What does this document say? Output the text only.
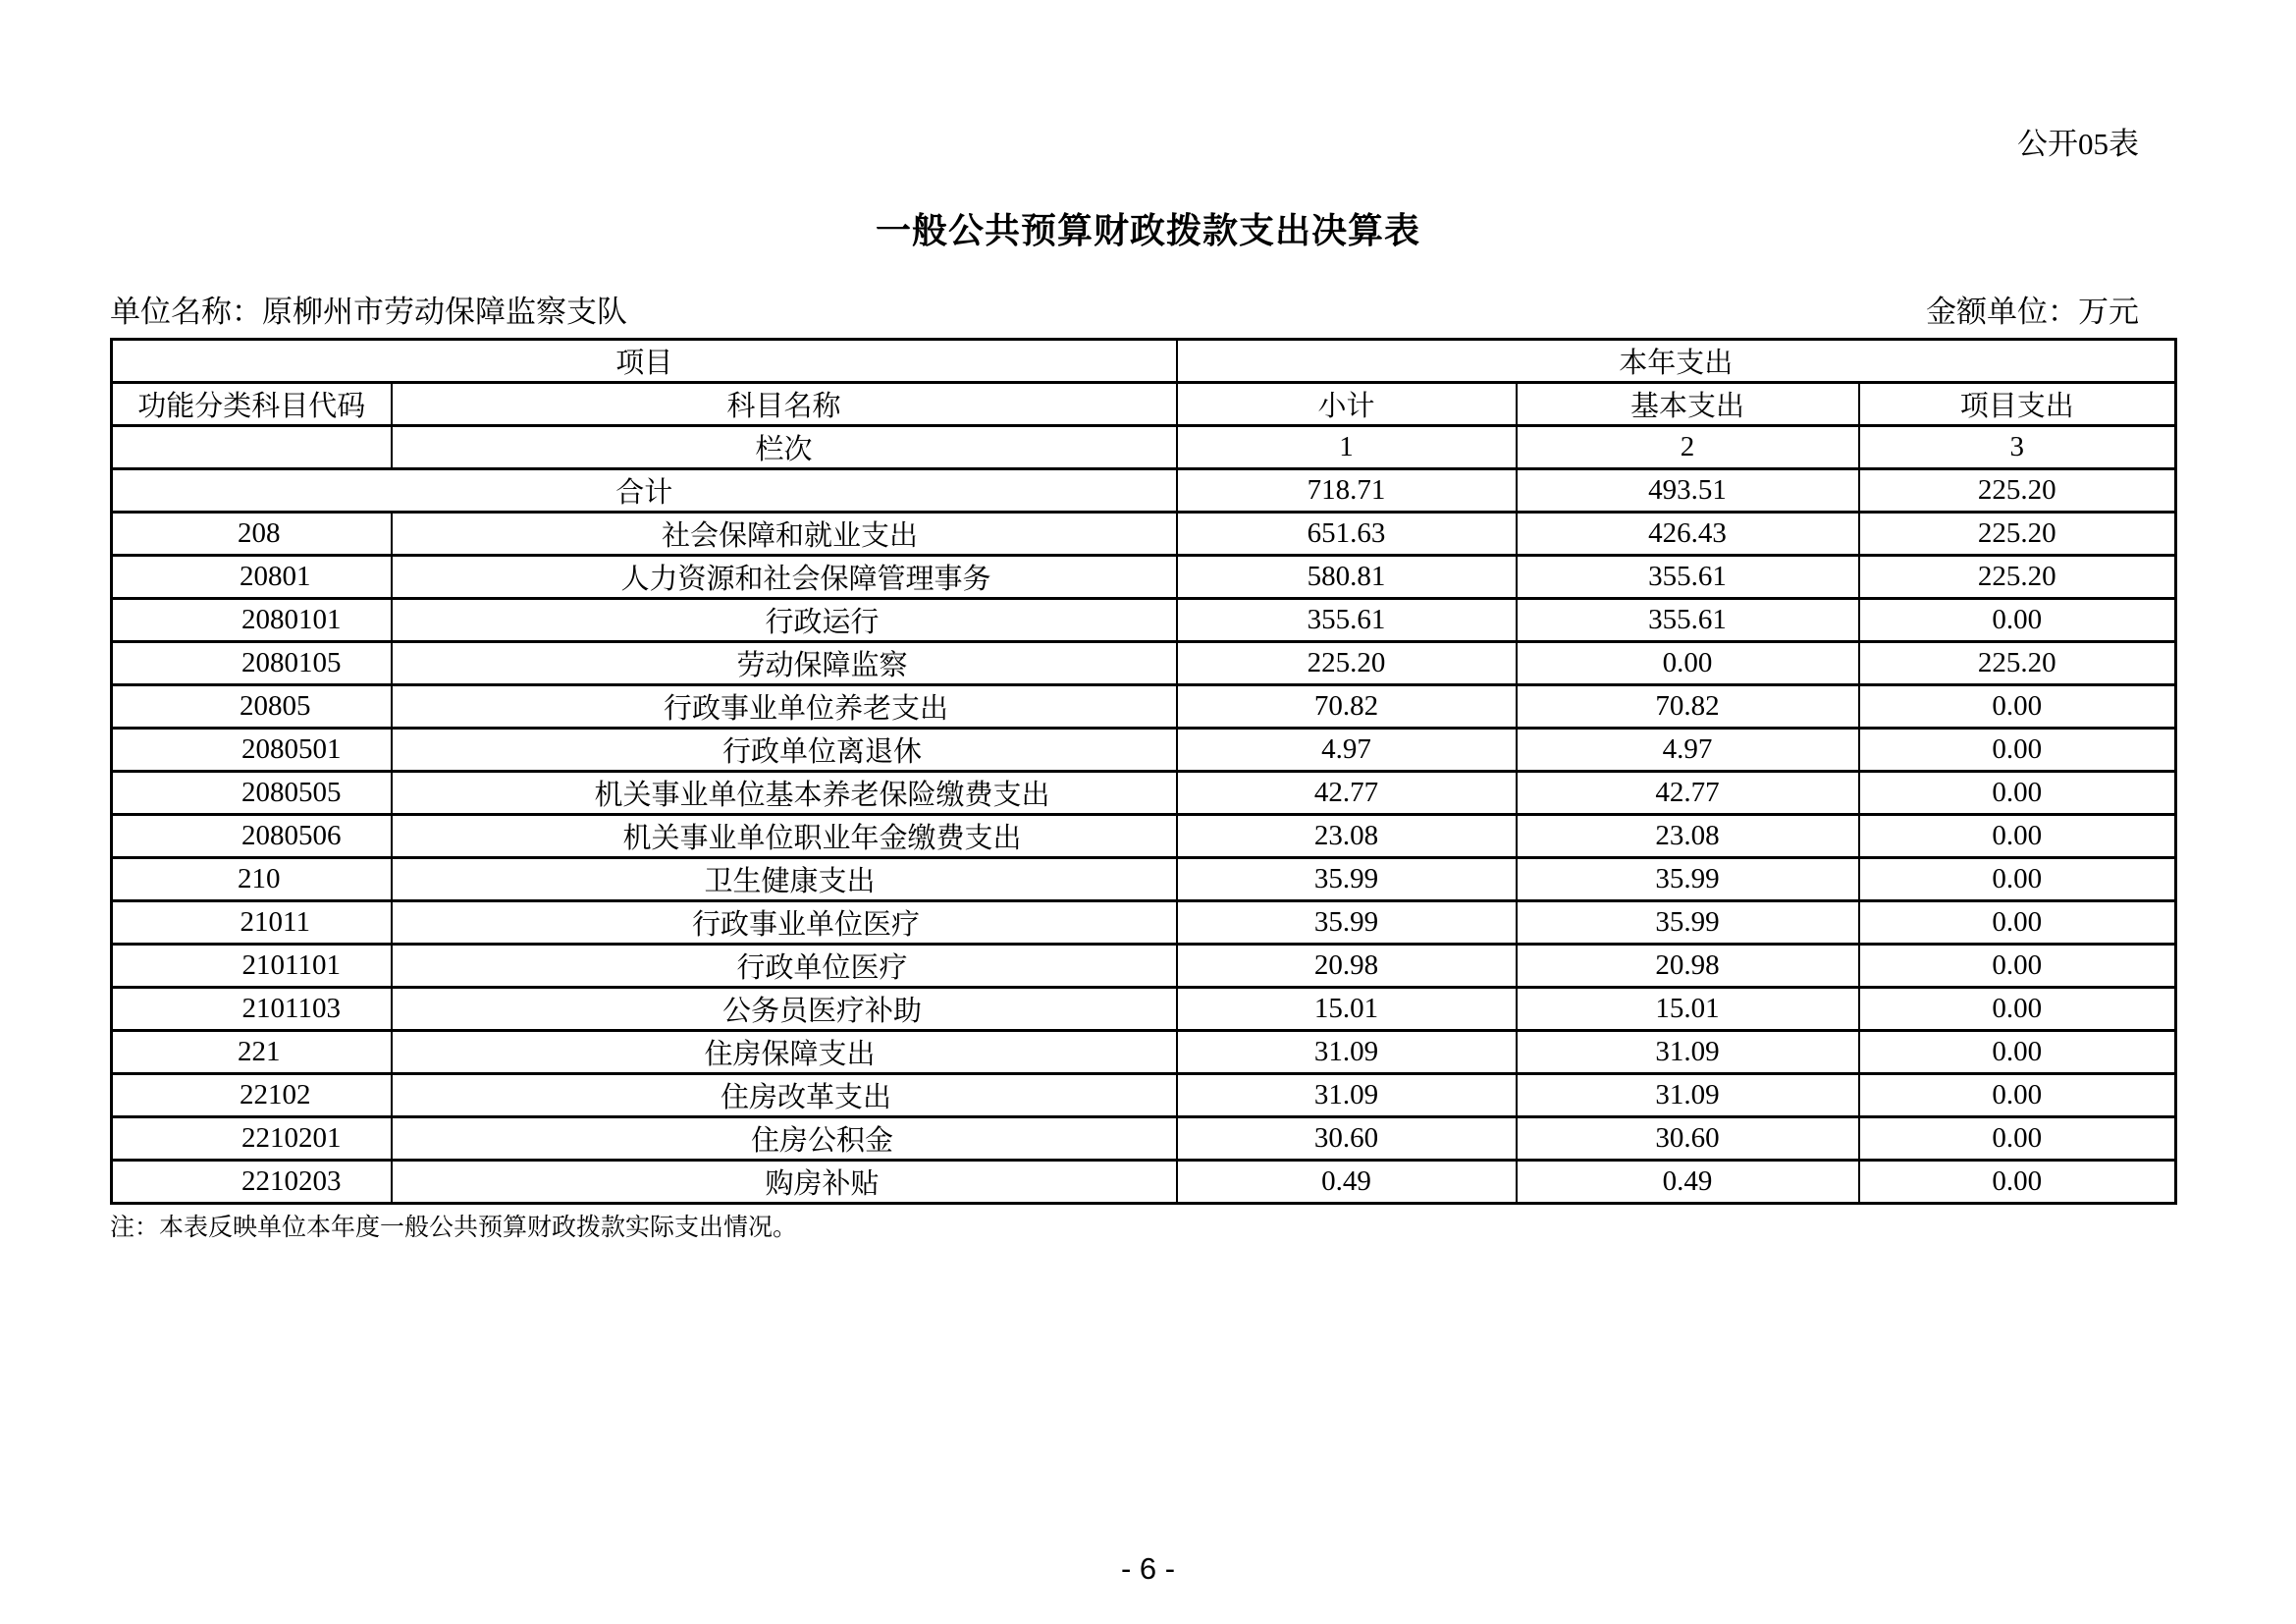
公开05表
一般公共预算财政拨款支出决算表
单位名称：原柳州市劳动保障监察支队	金额单位：万元
项目		本年支出		
功能分类科目代码	科目名称	小计	基本支出	项目支出
	栏次	1	2	3
合计		718.71	493.51	225.20
208	社会保障和就业支出	651.63	426.43	225.20
20801	人力资源和社会保障管理事务	580.81	355.61	225.20
2080101	行政运行	355.61	355.61	0.00
2080105	劳动保障监察	225.20	0.00	225.20
20805	行政事业单位养老支出	70.82	70.82	0.00
2080501	行政单位离退休	4.97	4.97	0.00
2080505	机关事业单位基本养老保险缴费支出	42.77	42.77	0.00
2080506	机关事业单位职业年金缴费支出	23.08	23.08	0.00
210	卫生健康支出	35.99	35.99	0.00
21011	行政事业单位医疗	35.99	35.99	0.00
2101101	行政单位医疗	20.98	20.98	0.00
2101103	公务员医疗补助	15.01	15.01	0.00
221	住房保障支出	31.09	31.09	0.00
22102	住房改革支出	31.09	31.09	0.00
2210201	住房公积金	30.60	30.60	0.00
2210203	购房补贴	0.49	0.49	0.00
注：本表反映单位本年度一般公共预算财政拨款实际支出情况。
- 6 -
